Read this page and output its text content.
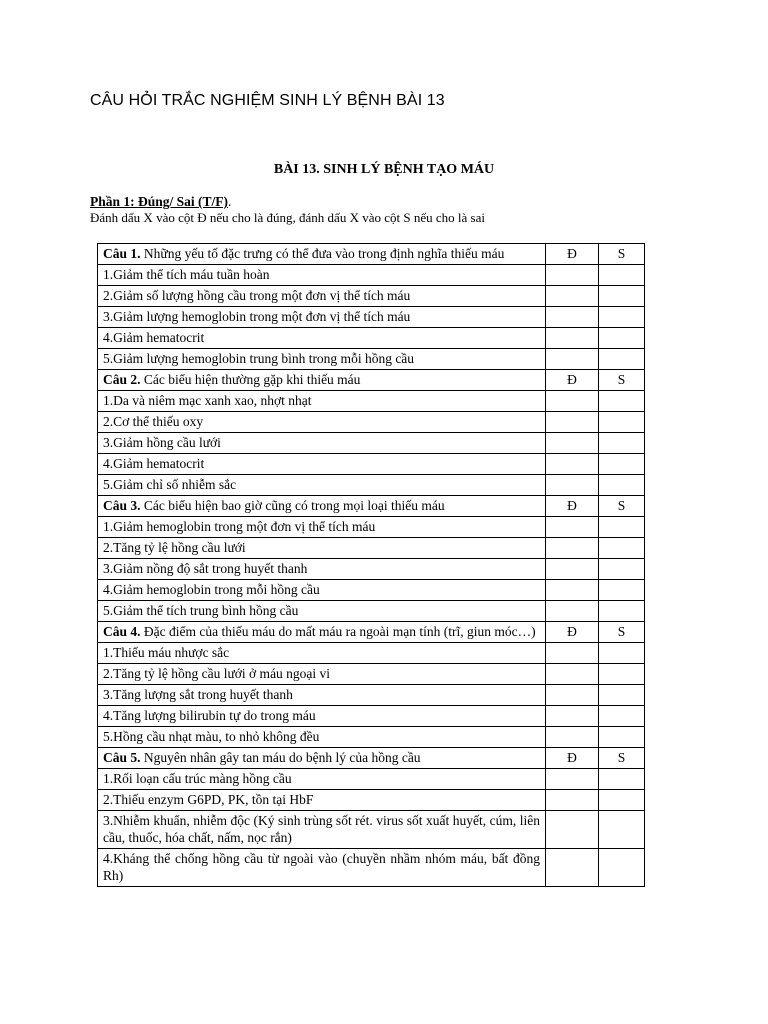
CÂU HỎI TRẮC NGHIỆM SINH LÝ BỆNH BÀI 13
BÀI 13. SINH LÝ BỆNH TẠO MÁU
Phần 1: Đúng/ Sai (T/F).
Đánh dấu X vào cột Đ nếu cho là đúng, đánh dấu X vào cột S nếu cho là sai
Câu 1. Những yếu tố đặc trưng có thể đưa vào trong định nghĩa thiếu máu	Đ	S
1.Giảm thể tích máu tuần hoàn		
2.Giảm số lượng hồng cầu trong một đơn vị thể tích máu		
3.Giảm lượng hemoglobin trong một đơn vị thể tích máu		
4.Giảm hematocrit		
5.Giảm lượng hemoglobin trung bình trong mỗi hồng cầu		
Câu 2. Các biểu hiện thường gặp khi thiếu máu	Đ	S
1.Da và niêm mạc xanh xao, nhợt nhạt		
2.Cơ thể thiếu oxy		
3.Giảm hồng cầu lưới		
4.Giảm hematocrit		
5.Giảm chỉ số nhiễm sắc		
Câu 3. Các biểu hiện bao giờ cũng có trong mọi loại thiếu máu	Đ	S
1.Giảm hemoglobin trong một đơn vị thể tích máu		
2.Tăng tỷ lệ hồng cầu lưới		
3.Giảm nồng độ sắt trong huyết thanh		
4.Giảm hemoglobin trong mỗi hồng cầu		
5.Giảm thể tích trung bình hồng cầu		
Câu 4. Đặc điểm của thiếu máu do mất máu ra ngoài mạn tính (trĩ, giun móc…)	Đ	S
1.Thiếu máu nhược sắc		
2.Tăng tỷ lệ hồng cầu lưới ở máu ngoại vi		
3.Tăng lượng sắt trong huyết thanh		
4.Tăng lượng bilirubin tự do trong máu		
5.Hồng cầu nhạt màu, to nhỏ không đều		
Câu 5. Nguyên nhân gây tan máu do bệnh lý của hồng cầu	Đ	S
1.Rối loạn cấu trúc màng hồng cầu		
2.Thiếu enzym G6PD, PK, tồn tại HbF		
3.Nhiễm khuẩn, nhiễm độc (Ký sinh trùng sốt rét. virus sốt xuất huyết, cúm, liên cầu, thuốc, hóa chất, nấm, nọc rắn)		
4.Kháng thể chống hồng cầu từ ngoài vào (chuyền nhầm nhóm máu, bất đồng Rh)		
